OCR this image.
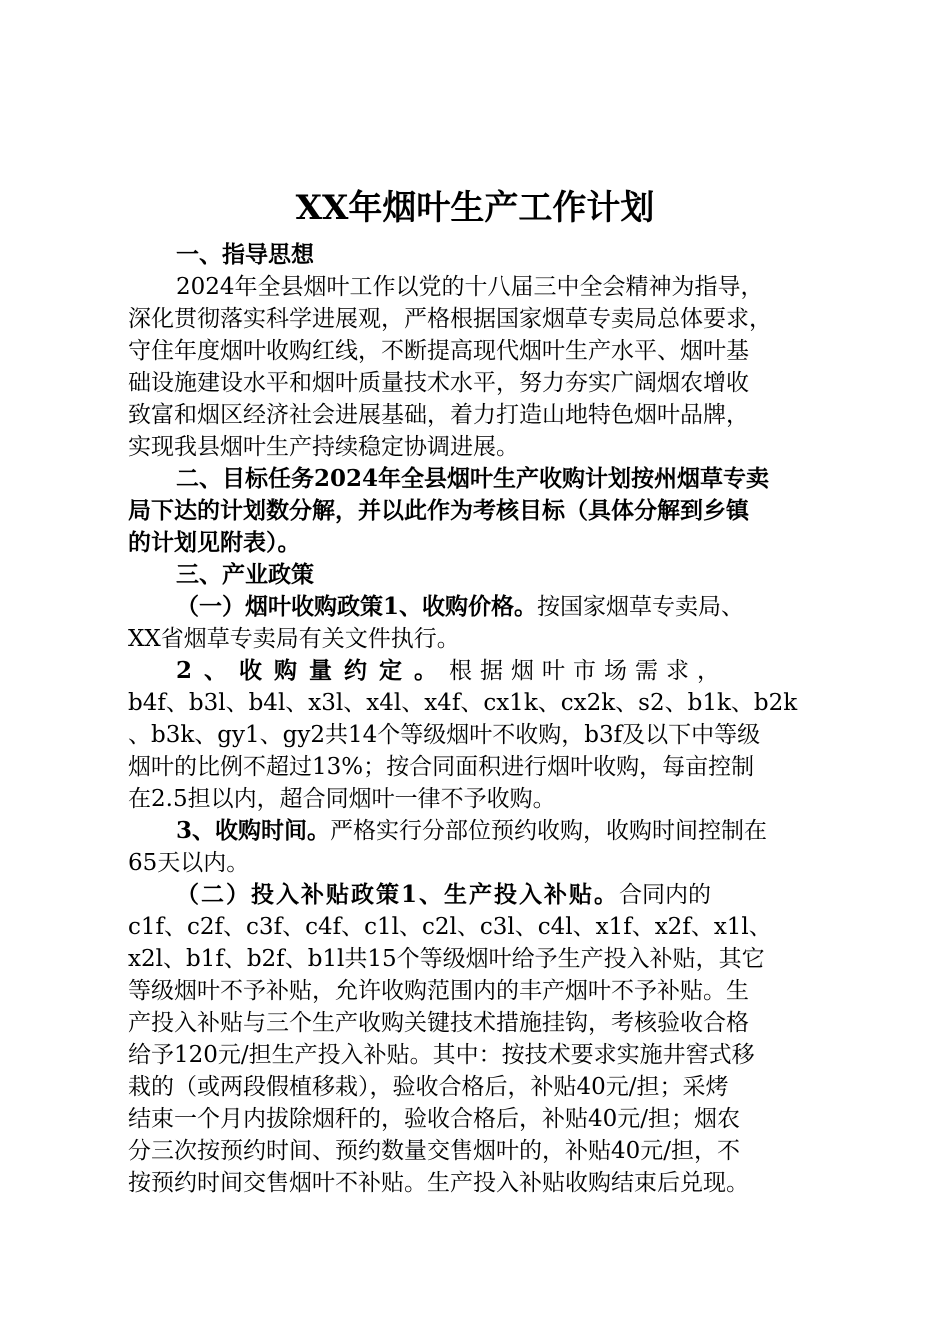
XX年烟叶生产工作计划
一、指导思想
2024年全县烟叶工作以党的十八届三中全会精神为指导，
深化贯彻落实科学进展观，严格根据国家烟草专卖局总体要求，
守住年度烟叶收购红线，不断提高现代烟叶生产水平、烟叶基
础设施建设水平和烟叶质量技术水平，努力夯实广阔烟农增收
致富和烟区经济社会进展基础，着力打造山地特色烟叶品牌，
实现我县烟叶生产持续稳定协调进展。
二、目标任务2024年全县烟叶生产收购计划按州烟草专卖
局下达的计划数分解，并以此作为考核目标（具体分解到乡镇
的计划见附表）。
三、产业政策
（一）烟叶收购政策1、收购价格。按国家烟草专卖局、
XX省烟草专卖局有关文件执行。
2、收购量约定。根据烟叶市场需求，
b4f、b3l、b4l、x3l、x4l、x4f、cx1k、cx2k、s2、b1k、b2k
、b3k、gy1、gy2共14个等级烟叶不收购，b3f及以下中等级
烟叶的比例不超过13%；按合同面积进行烟叶收购，每亩控制
在2.5担以内，超合同烟叶一律不予收购。
3、收购时间。严格实行分部位预约收购，收购时间控制在
65天以内。
（二）投入补贴政策1、生产投入补贴。合同内的
c1f、c2f、c3f、c4f、c1l、c2l、c3l、c4l、x1f、x2f、x1l、
x2l、b1f、b2f、b1l共15个等级烟叶给予生产投入补贴，其它
等级烟叶不予补贴，允许收购范围内的丰产烟叶不予补贴。生
产投入补贴与三个生产收购关键技术措施挂钩，考核验收合格
给予120元/担生产投入补贴。其中：按技术要求实施井窖式移
栽的（或两段假植移栽），验收合格后，补贴40元/担；采烤
结束一个月内拔除烟秆的，验收合格后，补贴40元/担；烟农
分三次按预约时间、预约数量交售烟叶的，补贴40元/担，不
按预约时间交售烟叶不补贴。生产投入补贴收购结束后兑现。
